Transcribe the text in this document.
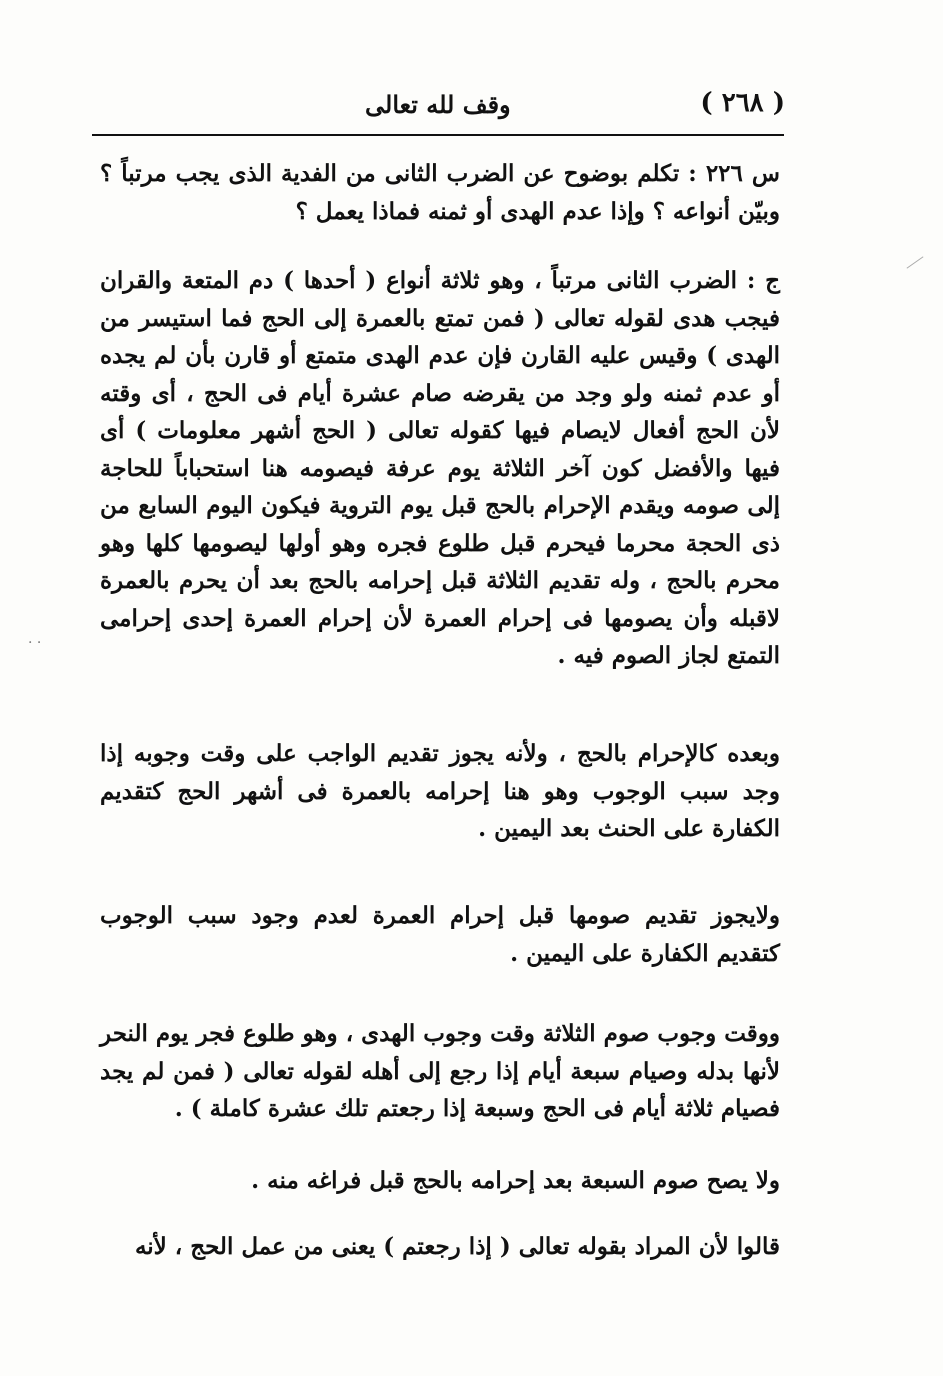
وقف لله تعالى	( ٢٦٨ )
· ·

س ٢٢٦ : تكلم بوضوح عن الضرب الثانى من الفدية الذى يجب مرتباً ؟ وبيّن أنواعه ؟ وإذا عدم الهدى أو ثمنه فماذا يعمل ؟

ج : الضرب الثانى مرتباً ، وهو ثلاثة أنواع ( أحدها ) دم المتعة والقران فيجب هدى لقوله تعالى ( فمن تمتع بالعمرة إلى الحج فما استيسر من الهدى ) وقيس عليه القارن فإن عدم الهدى متمتع أو قارن بأن لم يجده أو عدم ثمنه ولو وجد من يقرضه صام عشرة أيام فى الحج ، أى وقته لأن الحج أفعال لايصام فيها كقوله تعالى ( الحج أشهر معلومات ) أى فيها والأفضل كون آخر الثلاثة يوم عرفة فيصومه هنا استحباباً للحاجة إلى صومه ويقدم الإحرام بالحج قبل يوم التروية فيكون اليوم السابع من ذى الحجة محرما فيحرم قبل طلوع فجره وهو أولها ليصومها كلها وهو محرم بالحج ، وله تقديم الثلاثة قبل إحرامه بالحج بعد أن يحرم بالعمرة لاقبله وأن يصومها فى إحرام العمرة لأن إحرام العمرة إحدى إحرامى التمتع لجاز الصوم فيه .

وبعده كالإحرام بالحج ، ولأنه يجوز تقديم الواجب على وقت وجوبه إذا وجد سبب الوجوب وهو هنا إحرامه بالعمرة فى أشهر الحج كتقديم الكفارة على الحنث بعد اليمين .

ولايجوز تقديم صومها قبل إحرام العمرة لعدم وجود سبب الوجوب كتقديم الكفارة على اليمين .

ووقت وجوب صوم الثلاثة وقت وجوب الهدى ، وهو طلوع فجر يوم النحر لأنها بدله وصيام سبعة أيام إذا رجع إلى أهله لقوله تعالى ( فمن لم يجد فصيام ثلاثة أيام فى الحج وسبعة إذا رجعتم تلك عشرة كاملة ) .

ولا يصح صوم السبعة بعد إحرامه بالحج قبل فراغه منه .

قالوا لأن المراد بقوله تعالى ( إذا رجعتم ) يعنى من عمل الحج ، لأنه
